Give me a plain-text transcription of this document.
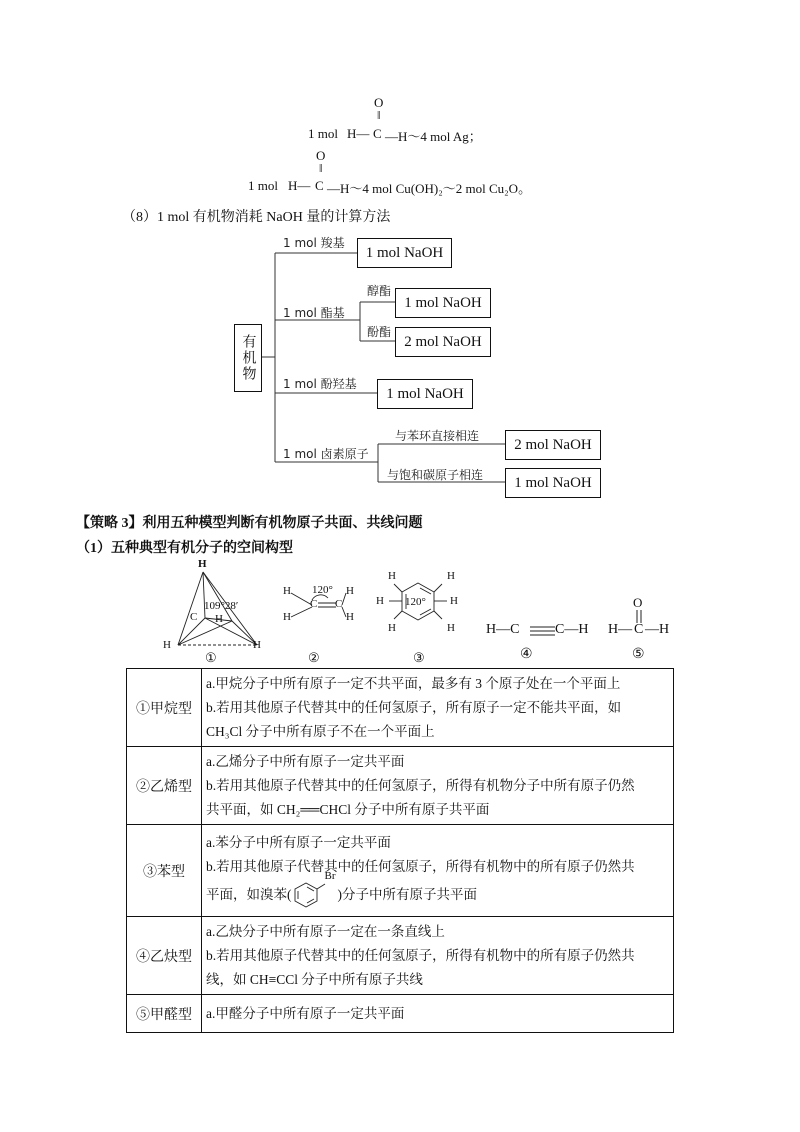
O
‖
1 mol H— C —H～4 mol Ag；
O
‖
1 mol H— C —H～4 mol Cu(OH)₂～2 mol Cu₂O。
（8）1 mol 有机物消耗 NaOH 量的计算方法
有机物
1 mol 羧基
1 mol NaOH
1 mol 酯基
醇酯
1 mol NaOH
酚酯
2 mol NaOH
1 mol 酚羟基
1 mol NaOH
1 mol 卤素原子
与苯环直接相连
2 mol NaOH
与饱和碳原子相连	1 mol NaOH
【策略 3】利用五种模型判断有机物原子共面、共线问题
（1）五种典型有机分子的空间构型
H
109°28′
C H
H	H
①
120°
H
H
H
H
C C
②
120°
H	H
H	H
H	H
③
H—C	C—H
④
O
H— C —H
⑤
①甲烷型	a.甲烷分子中所有原子一定不共平面，最多有 3 个原子处在一个平面上
b.若用其他原子代替其中的任何氢原子，所有原子一定不能共平面，如
CH₃Cl 分子中所有原子不在一个平面上

②乙烯型	a.乙烯分子中所有原子一定共平面
b.若用其他原子代替其中的任何氢原子，所得有机物分子中所有原子仍然
共平面，如 CH₂══CHCl 分子中所有原子共平面

③苯型	a.苯分子中所有原子一定共平面
b.若用其他原子代替其中的任何氢原子，所得有机物中的所有原子仍然共
平面，如溴苯(
Br
)分子中所有原子共平面

④乙炔型	a.乙炔分子中所有原子一定在一条直线上
b.若用其他原子代替其中的任何氢原子，所得有机物中的所有原子仍然共
线，如 CH≡CCl 分子中所有原子共线

⑤甲醛型	a.甲醛分子中所有原子一定共平面
